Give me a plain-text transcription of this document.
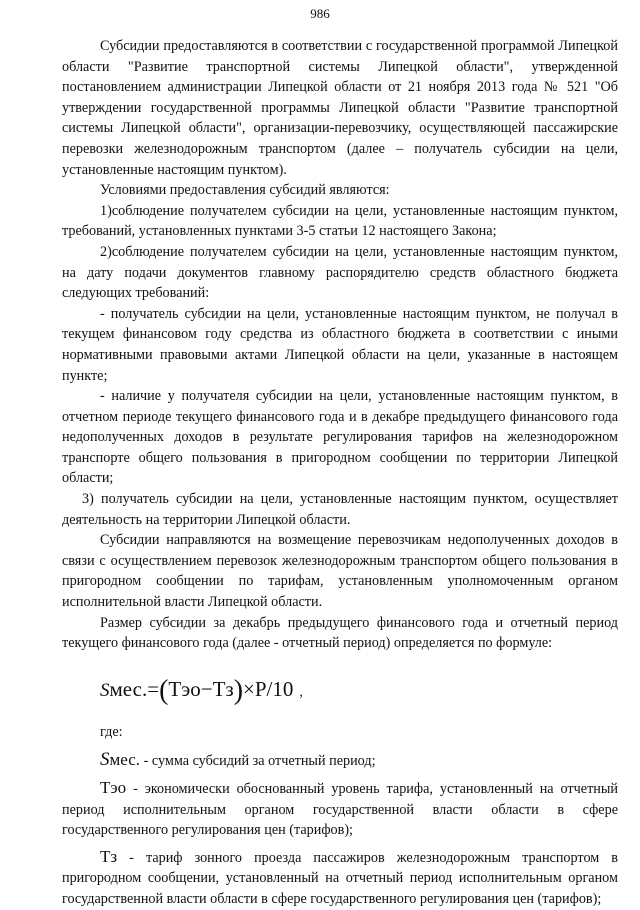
986

Субсидии предоставляются в соответствии с государственной программой Липецкой области "Развитие транспортной системы Липецкой области", утвержденной постановлением администрации Липецкой области от 21 ноября 2013 года № 521 "Об утверждении государственной программы Липецкой области "Развитие транспортной системы Липецкой области", организации-перевозчику, осуществляющей пассажирские перевозки железнодорожным транспортом (далее – получатель субсидии на цели, установленные настоящим пунктом).

Условиями предоставления субсидий являются:

1)соблюдение получателем субсидии на цели, установленные настоящим пунктом, требований, установленных пунктами 3-5 статьи 12 настоящего Закона;

2)соблюдение получателем субсидии на цели, установленные настоящим пунктом, на дату подачи документов главному распорядителю средств областного бюджета следующих требований:

- получатель субсидии на цели, установленные настоящим пунктом, не получал в текущем финансовом году средства из областного бюджета в соответствии с иными нормативными правовыми актами Липецкой области на цели, указанные в настоящем пункте;

- наличие у получателя субсидии на цели, установленные настоящим пунктом, в отчетном периоде текущего финансового года и в декабре предыдущего финансового года недополученных доходов в результате регулирования тарифов на железнодорожном транспорте общего пользования в пригородном сообщении по территории Липецкой области;

3) получатель субсидии на цели, установленные настоящим пунктом, осуществляет деятельность на территории Липецкой области.

Субсидии направляются на возмещение перевозчикам недополученных доходов в связи с осуществлением перевозок железнодорожным транспортом общего пользования в пригородном сообщении по тарифам, установленным уполномоченным органом исполнительной власти Липецкой области.

Размер субсидии за декабрь предыдущего финансового года и отчетный период текущего финансового года (далее - отчетный период) определяется по формуле:

Sмес.=(Тэо−Тз)×Р/10 ,

где:

Sмес. - сумма субсидий за отчетный период;

Тэо - экономически обоснованный уровень тарифа, установленный на отчетный период исполнительным органом государственной власти области в сфере государственного регулирования цен (тарифов);

Тз - тариф зонного проезда пассажиров железнодорожным транспортом в пригородном сообщении, установленный на отчетный период исполнительным органом государственной власти области в сфере государственного регулирования цен (тарифов);
